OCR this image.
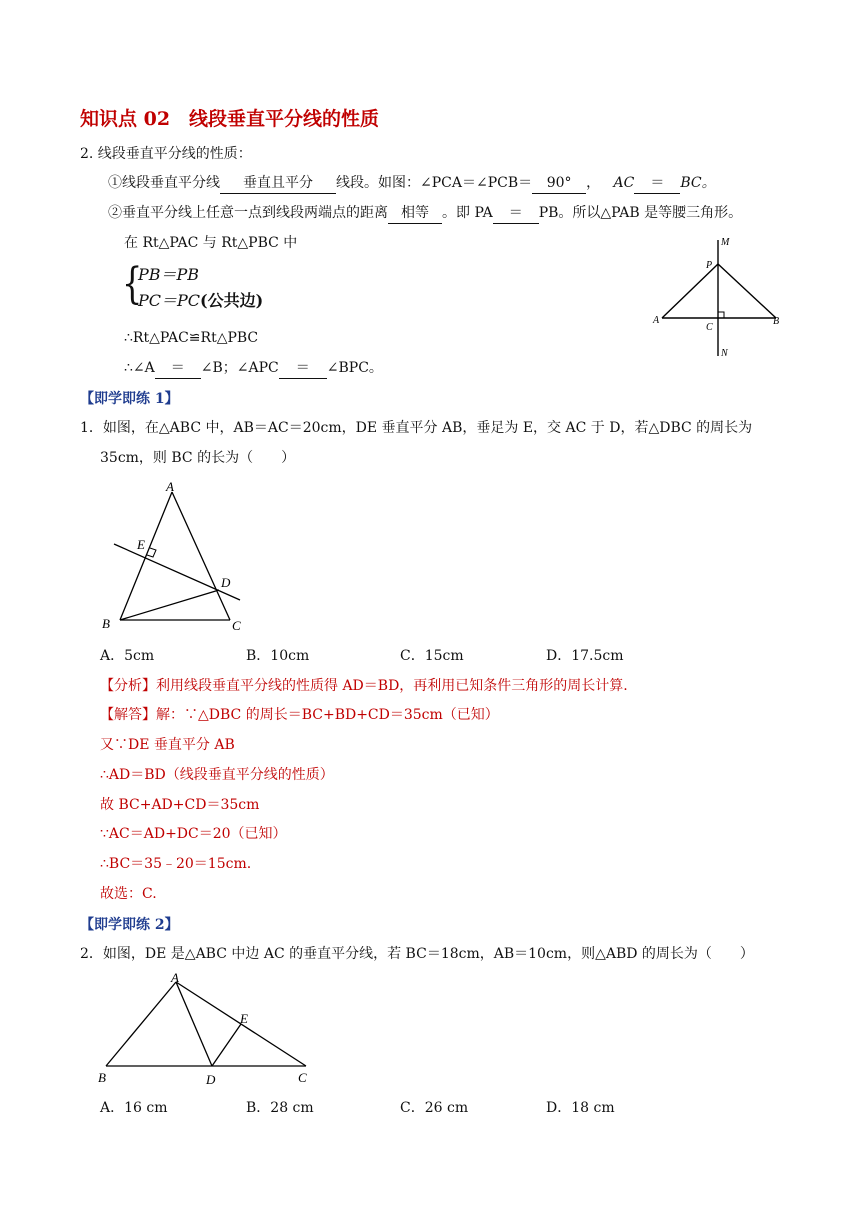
知识点 02　线段垂直平分线的性质
2. 线段垂直平分线的性质：
①线段垂直平分线 垂直且平分 线段。如图：∠PCA＝∠PCB＝ 90° ， AC ＝ BC。
②垂直平分线上任意一点到线段两端点的距离 相等 。即 PA ＝ PB。所以△PAB 是等腰三角形。
在 Rt△PAC 与 Rt△PBC 中
{
PB＝PB
PC＝PC(公共边)
∴Rt△PAC≌Rt△PBC
∴∠A ＝ ∠B；∠APC ＝ ∠BPC。
M
P
A
C
B
N
【即学即练 1】
1．如图，在△ABC 中，AB＝AC＝20cm，DE 垂直平分 AB，垂足为 E，交 AC 于 D，若△DBC 的周长为
35cm，则 BC 的长为（　　）
A
E
D
B	C
A．5cm	B．10cm	C．15cm	D．17.5cm
【分析】利用线段垂直平分线的性质得 AD＝BD，再利用已知条件三角形的周长计算.
【解答】解：∵△DBC 的周长＝BC+BD+CD＝35cm（已知）
又∵DE 垂直平分 AB
∴AD＝BD（线段垂直平分线的性质）
故 BC+AD+CD＝35cm
∵AC＝AD+DC＝20（已知）
∴BC＝35﹣20＝15cm.
故选：C.
【即学即练 2】
2．如图，DE 是△ABC 中边 AC 的垂直平分线，若 BC＝18cm，AB＝10cm，则△ABD 的周长为（　　）
A
E
B	D	C
A．16 cm	B．28 cm	C．26 cm	D．18 cm
